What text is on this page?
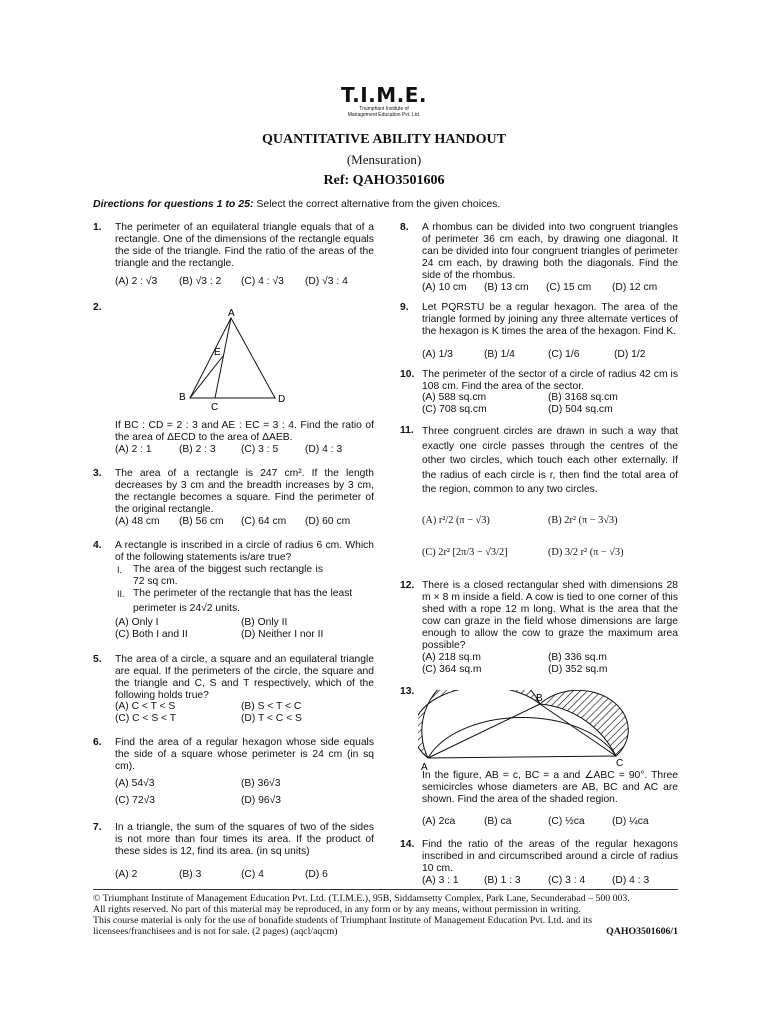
T.I.M.E.
Triumphant Institute of
Management Education Pvt. Ltd.
QUANTITATIVE ABILITY HANDOUT
(Mensuration)
Ref: QAHO3501606
Directions for questions 1 to 25: Select the correct alternative from the given choices.
1. The perimeter of an equilateral triangle equals that of a rectangle. One of the dimensions of the rectangle equals the side of the triangle. Find the ratio of the areas of the triangle and the rectangle.
(A) 2 : √3 (B) √3 : 2 (C) 4 : √3 (D) √3 : 4
2.
A
B
C
D
E
If BC : CD = 2 : 3 and AE : EC = 3 : 4. Find the ratio of the area of ΔECD to the area of ΔAEB.
(A) 2 : 1	(B) 2 : 3 (C) 3 : 5	(D) 4 : 3
3. The area of a rectangle is 247 cm². If the length decreases by 3 cm and the breadth increases by 3 cm, the rectangle becomes a square. Find the perimeter of the original rectangle.
(A) 48 cm (B) 56 cm (C) 64 cm (D) 60 cm
4. A rectangle is inscribed in a circle of radius 6 cm. Which of the following statements is/are true?
I. The area of the biggest such rectangle is 72 sq cm.
II. The perimeter of the rectangle that has the least
perimeter is 24√2 units.
(A) Only I	(B) Only II
(C) Both I and II	(D) Neither I nor II
5. The area of a circle, a square and an equilateral triangle are equal. If the perimeters of the circle, the square and the triangle and C, S and T respectively, which of the following holds true?
(A) C < T < S	(B) S < T < C
(C) C < S < T	(D) T < C < S
6. Find the area of a regular hexagon whose side equals the side of a square whose perimeter is 24 cm (in sq cm).
(A) 54√3	(B) 36√3
(C) 72√3	(D) 96√3
7. In a triangle, the sum of the squares of two of the sides is not more than four times its area. If the product of these sides is 12, find its area. (in sq units)
(A) 2	(B) 3	(C) 4	(D) 6
8. A rhombus can be divided into two congruent triangles of perimeter 36 cm each, by drawing one diagonal. It can be divided into four congruent triangles of perimeter 24 cm each, by drawing both the diagonals. Find the side of the rhombus.
(A) 10 cm (B) 13 cm (C) 15 cm (D) 12 cm
9. Let PQRSTU be a regular hexagon. The area of the triangle formed by joining any three alternate vertices of the hexagon is K times the area of the hexagon. Find K.
(A) 1/3	(B) 1/4	(C) 1/6	(D) 1/2
10. The perimeter of the sector of a circle of radius 42 cm is 108 cm. Find the area of the sector.
(A) 588 sq.cm	(B) 3168 sq.cm
(C) 708 sq.cm	(D) 504 sq.cm
11. Three congruent circles are drawn in such a way that exactly one circle passes through the centres of the other two circles, which touch each other externally. If the radius of each circle is r, then find the total area of the region, common to any two circles.
(A) r²/2 (π − √3)	(B) 2r² (π − 3√3)
(C) 2r² [2π/3 − √3/2]	(D) 3/2 r² (π − √3)
12. There is a closed rectangular shed with dimensions 28 m × 8 m inside a field. A cow is tied to one corner of this shed with a rope 12 m long. What is the area that the cow can graze in the field whose dimensions are large enough to allow the cow to graze the maximum area possible?
(A) 218 sq.m	(B) 336 sq.m
(C) 364 sq.m	(D) 352 sq.m
13.
B
A	C
In the figure, AB = c, BC = a and ∠ABC = 90°. Three semicircles whose diameters are AB, BC and AC are shown. Find the area of the shaded region.
(A) 2ca	(B) ca	(C) ½ca	(D) ¼ca
14. Find the ratio of the areas of the regular hexagons inscribed in and circumscribed around a circle of radius 10 cm.
(A) 3 : 1 (B) 1 : 3	(C) 3 : 4	(D) 4 : 3
© Triumphant Institute of Management Education Pvt. Ltd. (T.I.M.E.), 95B, Siddamsetty Complex, Park Lane, Secunderabad – 500 003.
All rights reserved. No part of this material may be reproduced, in any form or by any means, without permission in writing.
This course material is only for the use of bonafide students of Triumphant Institute of Management Education Pvt. Ltd. and its
licensees/franchisees and is not for sale. (2 pages) (aqcl/aqcm)	QAHO3501606/1
